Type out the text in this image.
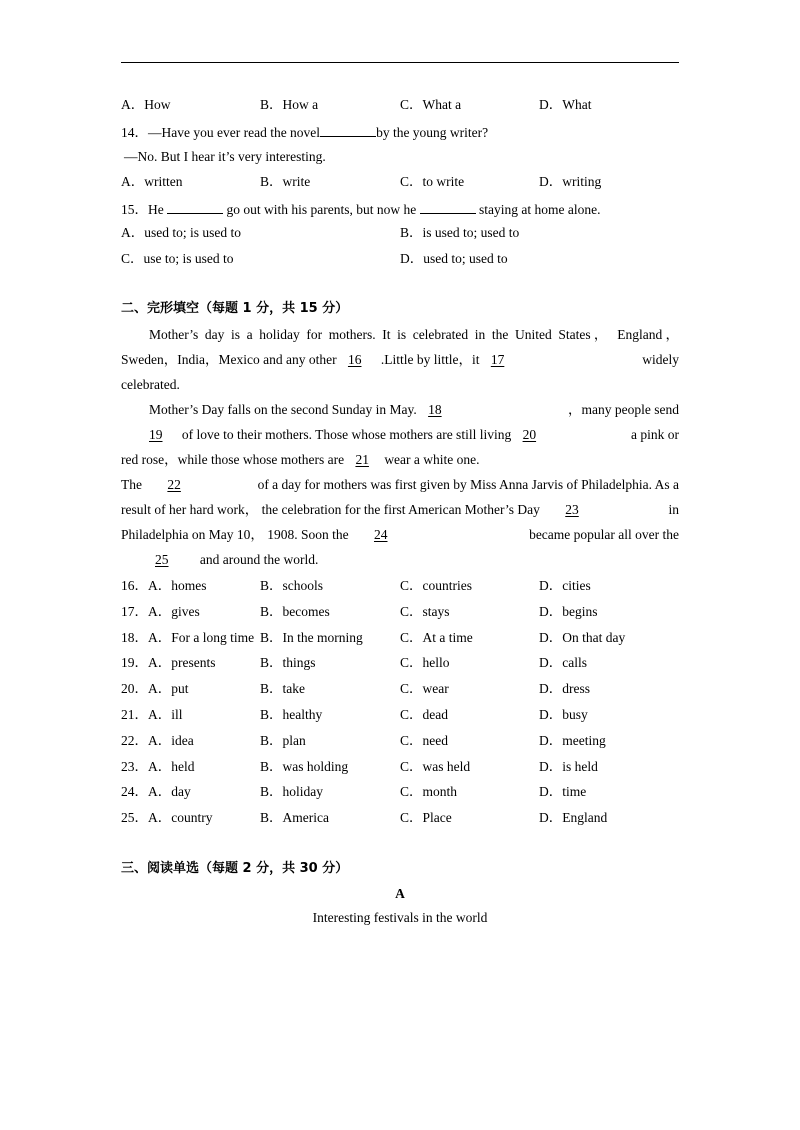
A．How	B．How a	C．What a	D．What
14．—Have you ever read the novel	by the young writer?
—No. But I hear it’s very interesting.
A．written	B．write	C．to write	D．writing
15．He	go out with his parents, but now he	staying at home alone.
A．used to; is used to	B．is used to; used to
C．use to; is used to	D．used to; used to
二、完形填空（每题 1 分，共 15 分）
Mother’s day is a holiday for mothers. It is celebrated in the United States， England，
Sweden，India，Mexico and any other 16 .Little by little，it 17	widely
celebrated.
Mother’s Day falls on the second Sunday in May. 18	，many people send
19 of love to their mothers. Those whose mothers are still living 20	a pink or
red rose，while those whose mothers are 21 wear a white one.
The 22	of a day for mothers was first given by Miss Anna Jarvis of Philadelphia. As a
result of her hard work， the celebration for the first American Mother’s Day 23	in
Philadelphia on May 10， 1908. Soon the 24	became popular all over the
25 and around the world.
16．A．homes	B．schools	C．countries	D．cities
17．A．gives	B．becomes	C．stays	D．begins
18．A．For a long time B．In the morning	C．At a time	D．On that day
19．A．presents	B．things	C．hello	D．calls
20．A．put	B．take	C．wear	D．dress
21．A．ill	B．healthy	C．dead	D．busy
22．A．idea	B．plan	C．need	D．meeting
23．A．held	B．was holding	C．was held	D．is held
24．A．day	B．holiday	C．month	D．time
25．A．country	B．America	C．Place	D．England
三、阅读单选（每题 2 分，共 30 分）
A
Interesting festivals in the world
